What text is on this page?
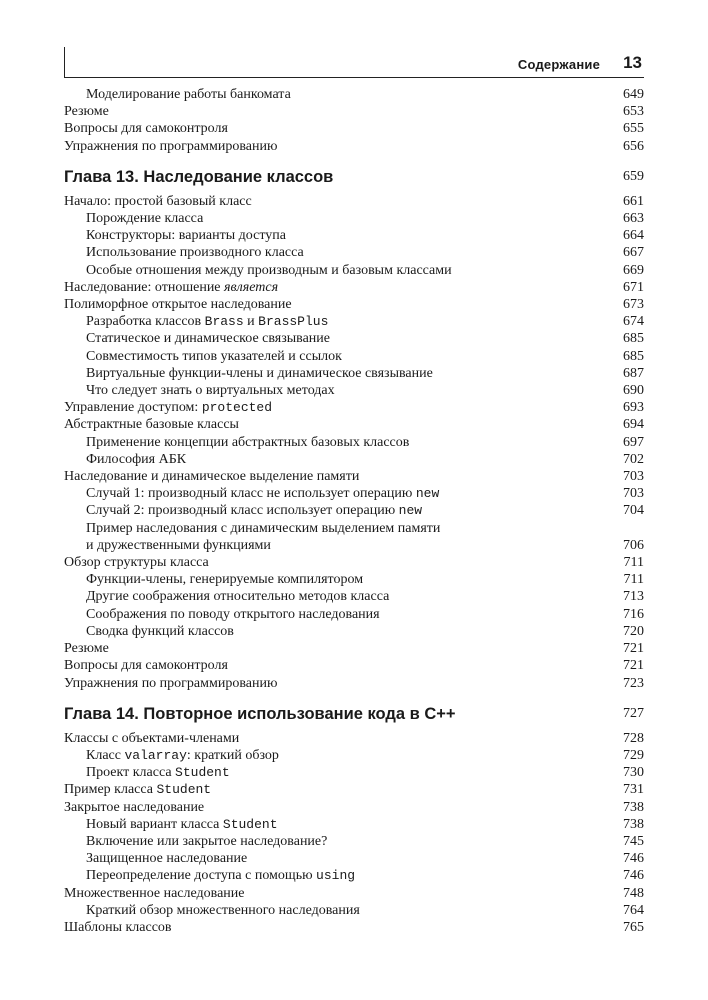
Содержание 13
Моделирование работы банкомата	649
Резюме	653
Вопросы для самоконтроля	655
Упражнения по программированию	656
Глава 13. Наследование классов	659
Начало: простой базовый класс	661
Порождение класса	663
Конструкторы: варианты доступа	664
Использование производного класса	667
Особые отношения между производным и базовым классами	669
Наследование: отношение является	671
Полиморфное открытое наследование	673
Разработка классов Brass и BrassPlus	674
Статическое и динамическое связывание	685
Совместимость типов указателей и ссылок	685
Виртуальные функции-члены и динамическое связывание	687
Что следует знать о виртуальных методах	690
Управление доступом: protected	693
Абстрактные базовые классы	694
Применение концепции абстрактных базовых классов	697
Философия АБК	702
Наследование и динамическое выделение памяти	703
Случай 1: производный класс не использует операцию new	703
Случай 2: производный класс использует операцию new	704
Пример наследования с динамическим выделением памяти
и дружественными функциями	706
Обзор структуры класса	711
Функции-члены, генерируемые компилятором	711
Другие соображения относительно методов класса	713
Соображения по поводу открытого наследования	716
Сводка функций классов	720
Резюме	721
Вопросы для самоконтроля	721
Упражнения по программированию	723
Глава 14. Повторное использование кода в C++	727
Классы с объектами-членами	728
Класс valarray: краткий обзор	729
Проект класса Student	730
Пример класса Student	731
Закрытое наследование	738
Новый вариант класса Student	738
Включение или закрытое наследование?	745
Защищенное наследование	746
Переопределение доступа с помощью using	746
Множественное наследование	748
Краткий обзор множественного наследования	764
Шаблоны классов	765
